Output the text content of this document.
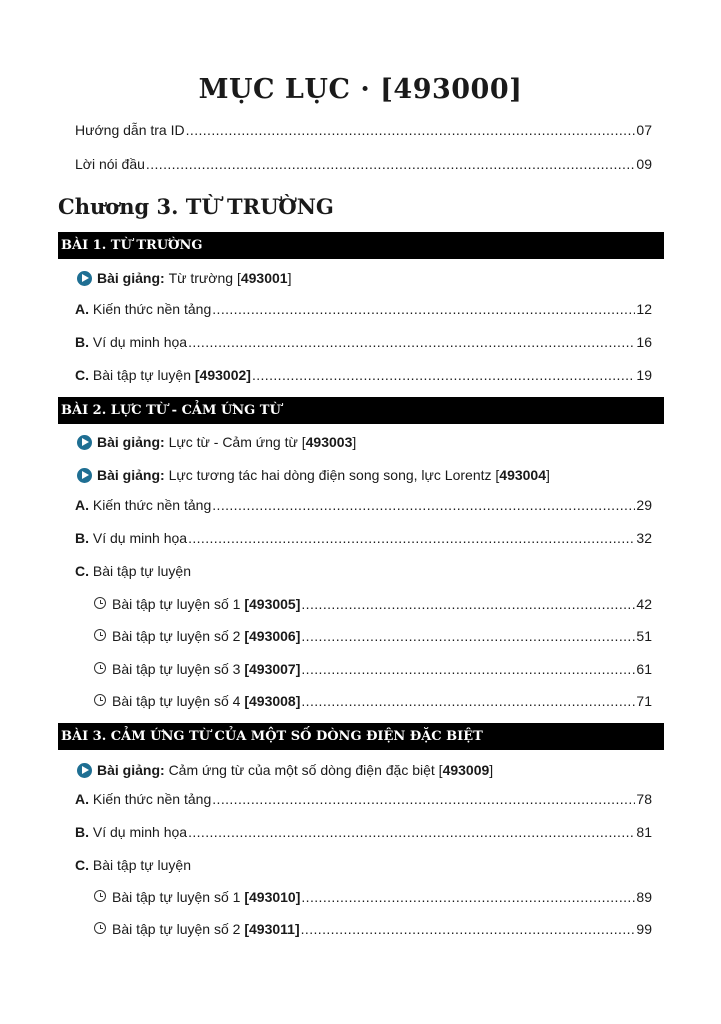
MỤC LỤC · [493000]
Hướng dẫn tra ID .....	07
Lời nói đầu .....	09
Chương 3. TỪ TRƯỜNG
BÀI 1. TỪ TRƯỜNG
Bài giảng:
Từ trường [ 493001 ]
A. Kiến thức nền tảng .....	12
B. Ví dụ minh họa .....	16
C. Bài tập tự luyện [493002] .....	19
BÀI 2. LỰC TỪ - CẢM ỨNG TỪ
Bài giảng:
Lực từ - Cảm ứng từ [ 493003 ]
Bài giảng:
Lực tương tác hai dòng điện song song, lực Lorentz [ 493004 ]
A. Kiến thức nền tảng .....	29
B. Ví dụ minh họa .....	32
C. Bài tập tự luyện
Bài tập tự luyện số 1 [493005] .....	42
Bài tập tự luyện số 2 [493006] .....	51
Bài tập tự luyện số 3 [493007] .....	61
Bài tập tự luyện số 4 [493008] .....	71
BÀI 3. CẢM ỨNG TỪ CỦA MỘT SỐ DÒNG ĐIỆN ĐẶC BIỆT
Bài giảng:
Cảm ứng từ của một số dòng điện đặc biệt [ 493009 ]
A. Kiến thức nền tảng .....	78
B. Ví dụ minh họa .....	81
C. Bài tập tự luyện
Bài tập tự luyện số 1 [493010] .....	89
Bài tập tự luyện số 2 [493011] .....	99
